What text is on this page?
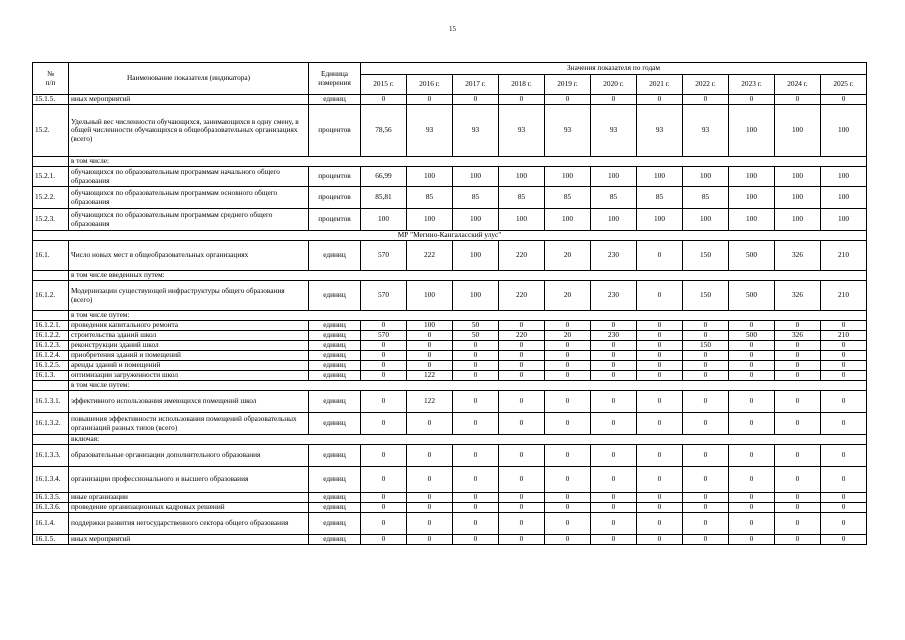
15
№
п/п	Наименование показателя (индикатора)	Единица измерения	Значения показателя по годам										
			2015 г.	2016 г.	2017 г.	2018 г.	2019 г.	2020 г.	2021 г.	2022 г.	2023 г.	2024 г.	2025 г.
15.1.5.	иных мероприятий	единиц	0	0	0	0	0	0	0	0	0	0	0
15.2.	Удельный вес численности обучающихся, занимающихся в одну смену, в общей численности обучающихся в общеобразовательных организациях (всего)	процентов	78,56	93	93	93	93	93	93	93	100	100	100
	в том числе:												
15.2.1.	обучающихся по образовательным программам начального общего образования	процентов	66,99	100	100	100	100	100	100	100	100	100	100
15.2.2.	обучающихся по образовательным программам основного общего образования	процентов	85,81	85	85	85	85	85	85	85	100	100	100
15.2.3.	обучающихся по образовательным программам среднего общего образования	процентов	100	100	100	100	100	100	100	100	100	100	100
МР "Мегино-Кангаласский улус"													
16.1.	Число новых мест в общеобразовательных организациях	единиц	570	222	100	220	20	230	0	150	500	326	210
	в том числе введенных путем:												
16.1.2.	Модернизации существующей инфраструктуры общего образования (всего)	единиц	570	100	100	220	20	230	0	150	500	326	210
	в том числе путем:												
16.1.2.1.	проведения капитального ремонта	единиц	0	100	50	0	0	0	0	0	0	0	0
16.1.2.2.	строительства зданий школ	единиц	570	0	50	220	20	230	0	0	500	326	210
16.1.2.3.	реконструкции зданий школ	единиц	0	0	0	0	0	0	0	150	0	0	0
16.1.2.4.	приобретения зданий и помещений	единиц	0	0	0	0	0	0	0	0	0	0	0
16.1.2.5.	аренды зданий и помещений	единиц	0	0	0	0	0	0	0	0	0	0	0
16.1.3.	оптимизации загруженности школ	единиц	0	122	0	0	0	0	0	0	0	0	0
	в том числе путем:												
16.1.3.1.	эффективного использования имеющихся помещений школ	единиц	0	122	0	0	0	0	0	0	0	0	0
16.1.3.2.	повышения эффективности использования помещений образовательных организаций разных типов (всего)	единиц	0	0	0	0	0	0	0	0	0	0	0
	включая:												
16.1.3.3.	образовательные организации дополнительного образования	единиц	0	0	0	0	0	0	0	0	0	0	0
16.1.3.4.	организации профессионального и высшего образования	единиц	0	0	0	0	0	0	0	0	0	0	0
16.1.3.5.	иные организации	единиц	0	0	0	0	0	0	0	0	0	0	0
16.1.3.6.	проведение организационных кадровых решений	единиц	0	0	0	0	0	0	0	0	0	0	0
16.1.4.	поддержки развития негосударственного сектора общего образования	единиц	0	0	0	0	0	0	0	0	0	0	0
16.1.5.	иных мероприятий	единиц	0	0	0	0	0	0	0	0	0	0	0
